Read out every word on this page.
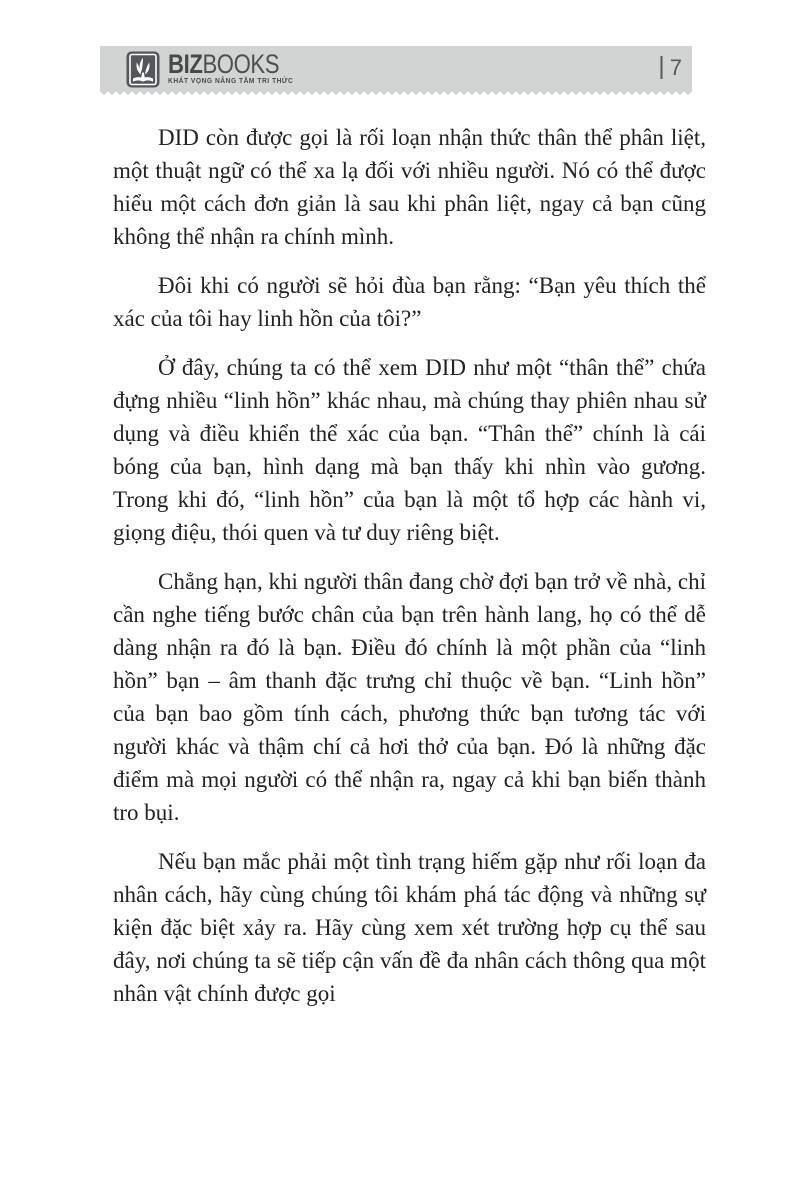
BIZBOOKS
KHÁT VỌNG NÂNG TẦM TRI THỨC
| 7

DID còn được gọi là rối loạn nhận thức thân thể phân liệt, một thuật ngữ có thể xa lạ đối với nhiều người. Nó có thể được hiểu một cách đơn giản là sau khi phân liệt, ngay cả bạn cũng không thể nhận ra chính mình.

Đôi khi có người sẽ hỏi đùa bạn rằng: “Bạn yêu thích thể xác của tôi hay linh hồn của tôi?”

Ở đây, chúng ta có thể xem DID như một “thân thể” chứa đựng nhiều “linh hồn” khác nhau, mà chúng thay phiên nhau sử dụng và điều khiển thể xác của bạn. “Thân thể” chính là cái bóng của bạn, hình dạng mà bạn thấy khi nhìn vào gương. Trong khi đó, “linh hồn” của bạn là một tổ hợp các hành vi, giọng điệu, thói quen và tư duy riêng biệt.

Chẳng hạn, khi người thân đang chờ đợi bạn trở về nhà, chỉ cần nghe tiếng bước chân của bạn trên hành lang, họ có thể dễ dàng nhận ra đó là bạn. Điều đó chính là một phần của “linh hồn” bạn – âm thanh đặc trưng chỉ thuộc về bạn. “Linh hồn” của bạn bao gồm tính cách, phương thức bạn tương tác với người khác và thậm chí cả hơi thở của bạn. Đó là những đặc điểm mà mọi người có thể nhận ra, ngay cả khi bạn biến thành tro bụi.

Nếu bạn mắc phải một tình trạng hiếm gặp như rối loạn đa nhân cách, hãy cùng chúng tôi khám phá tác động và những sự kiện đặc biệt xảy ra. Hãy cùng xem xét trường hợp cụ thể sau đây, nơi chúng ta sẽ tiếp cận vấn đề đa nhân cách thông qua một nhân vật chính được gọi
